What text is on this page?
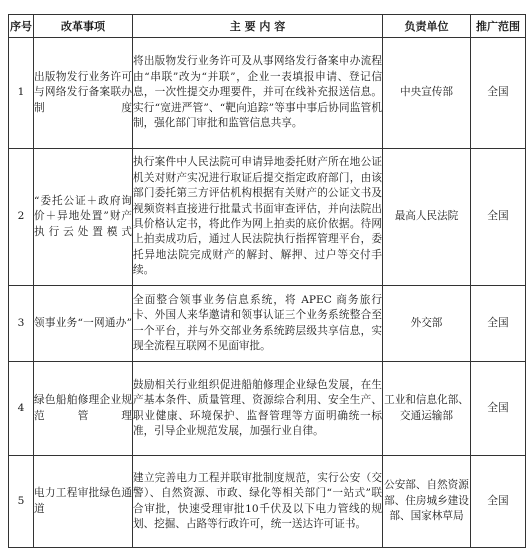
序号	改革事项	主 要 内 容	负责单位	推广范围
1	出版物发行业务许可与网络发行备案联办制度	将出版物发行业务许可及从事网络发行备案申办流程由“串联”改为“并联”，企业一表填报申请、登记信息，一次性提交办理要件，并可在线补充报送信息。实行“宽进严管”、“靶向追踪”等事中事后协同监管机制，强化部门审批和监管信息共享。	中央宣传部	全国
2	“委托公证＋政府询价＋异地处置”财产执行云处置模式	执行案件中人民法院可申请异地委托财产所在地公证机关对财产实况进行取证后提交指定政府部门，由该部门委托第三方评估机构根据有关财产的公证文书及视频资料直接进行批量式书面审查评估，并向法院出具价格认定书，将此作为网上拍卖的底价依据。待网上拍卖成功后，通过人民法院执行指挥管理平台，委托异地法院完成财产的解封、解押、过户等交付手续。	最高人民法院	全国
3	领事业务“一网通办”	全面整合领事业务信息系统，将 APEC 商务旅行卡、外国人来华邀请和领事认证三个业务系统整合至一个平台，并与外交部业务系统跨层级共享信息，实现全流程互联网不见面审批。	外交部	全国
4	绿色船舶修理企业规范管理	鼓励相关行业组织促进船舶修理企业绿色发展，在生产基本条件、质量管理、资源综合利用、安全生产、职业健康、环境保护、监督管理等方面明确统一标准，引导企业规范发展，加强行业自律。	工业和信息化部、交通运输部	全国
5	电力工程审批绿色通道	建立完善电力工程并联审批制度规范，实行公安（交警）、自然资源、市政、绿化等相关部门“一站式”联合审批，快速受理审批10千伏及以下电力管线的规划、挖掘、占路等行政许可，统一送达许可证书。	公安部、自然资源部、住房城乡建设部、国家林草局	全国
